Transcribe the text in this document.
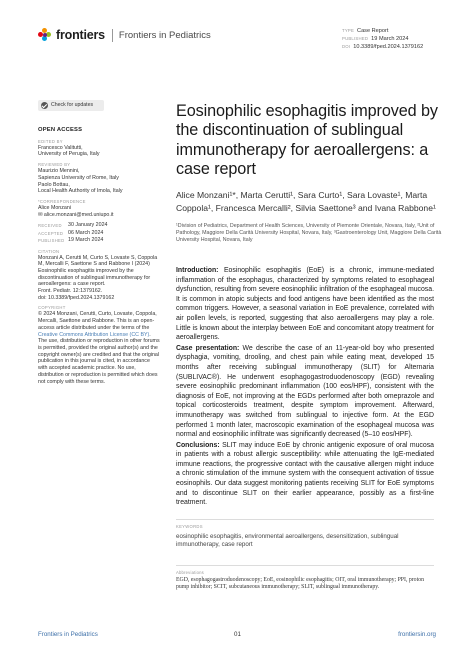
frontiers Frontiers in Pediatrics	TYPE Case Report
PUBLISHED 19 March 2024
DOI 10.3389/fped.2024.1379162
Check for updates
OPEN ACCESS
EDITED BY
Francesco Valitutti,
University of Perugia, Italy
REVIEWED BY
Maurizio Mennini,
Sapienza University of Rome, Italy
Paolo Bottau,
Local Health Authority of Imola, Italy
*CORRESPONDENCE
Alice Monzani
✉ alice.monzani@med.uniupo.it
RECEIVED	30 January 2024
ACCEPTED 06 March 2024
PUBLISHED 19 March 2024
CITATION
Monzani A, Cerutti M, Curto S, Lovaste S, Coppola M, Mercalli F, Saettone S and Rabbone I (2024) Eosinophilic esophagitis improved by the discontinuation of sublingual immunotherapy for aeroallergens: a case report.
Front. Pediatr. 12:1379162.
doi: 10.3389/fped.2024.1379162
COPYRIGHT
© 2024 Monzani, Cerutti, Curto, Lovaste, Coppola, Mercalli, Saettone and Rabbone. This is an open-access article distributed under the terms of the Creative Commons Attribution License (CC BY). The use, distribution or reproduction in other forums is permitted, provided the original author(s) and the copyright owner(s) are credited and that the original publication in this journal is cited, in accordance with accepted academic practice. No use, distribution or reproduction is permitted which does not comply with these terms.
Eosinophilic esophagitis improved by the discontinuation of sublingual immunotherapy for aeroallergens: a case report
Alice Monzani¹*, Marta Cerutti¹, Sara Curto¹, Sara Lovaste¹, Marta Coppola¹, Francesca Mercalli², Silvia Saettone³ and Ivana Rabbone¹
¹Division of Pediatrics, Department of Health Sciences, University of Piemonte Orientale, Novara, Italy, ²Unit of Pathology, Maggiore Della Carità University Hospital, Novara, Italy, ³Gastroenterology Unit, Maggiore Della Carità University Hospital, Novara, Italy

Introduction: Eosinophilic esophagitis (EoE) is a chronic, immune-mediated inflammation of the esophagus, characterized by symptoms related to esophageal dysfunction, resulting from severe eosinophilic infiltration of the esophageal mucosa. It is common in atopic subjects and food antigens have been identified as the most common triggers. However, a seasonal variation in EoE prevalence, correlated with air pollen levels, is reported, suggesting that also aeroallergens may play a role. Little is known about the interplay between EoE and concomitant atopy treatment for aeroallergens.

Case presentation: We describe the case of an 11-year-old boy who presented dysphagia, vomiting, drooling, and chest pain while eating meat, developed 15 months after receiving sublingual immunotherapy (SLIT) for Alternaria (SUBLIVAC®). He underwent esophagogastroduodenoscopy (EGD) revealing severe eosinophilic predominant inflammation (100 eos/HPF), consistent with the diagnosis of EoE, not improving at the EGDs performed after both omeprazole and topical corticosteroids treatment, despite symptom improvement. Afterward, immunotherapy was switched from sublingual to injective form. At the EGD performed 1 month later, macroscopic examination of the esophageal mucosa was normal and eosinophilic infiltrate was significantly decreased (5–10 eos/HPF).

Conclusions: SLIT may induce EoE by chronic antigenic exposure of oral mucosa in patients with a robust allergic susceptibility: while attenuating the IgE-mediated immune reactions, the progressive contact with the causative allergen might induce a chronic stimulation of the immune system with the consequent activation of tissue eosinophils. Our data suggest monitoring patients receiving SLIT for EoE symptoms and to discontinue SLIT on their earlier appearance, possibly as a first-line treatment.

KEYWORDS
eosinophilic esophagitis, environmental aeroallergens, desensitization, sublingual immunotherapy, case report
Abbreviations
EGD, esophagogastroduodenoscopy; EoE, eosinophilic esophagitis; OIT, oral immunotherapy; PPI, proton pump inhibitor; SCIT, subcutaneous immunotherapy; SLIT, sublingual immunotherapy.
Frontiers in Pediatrics	01	frontiersin.org
